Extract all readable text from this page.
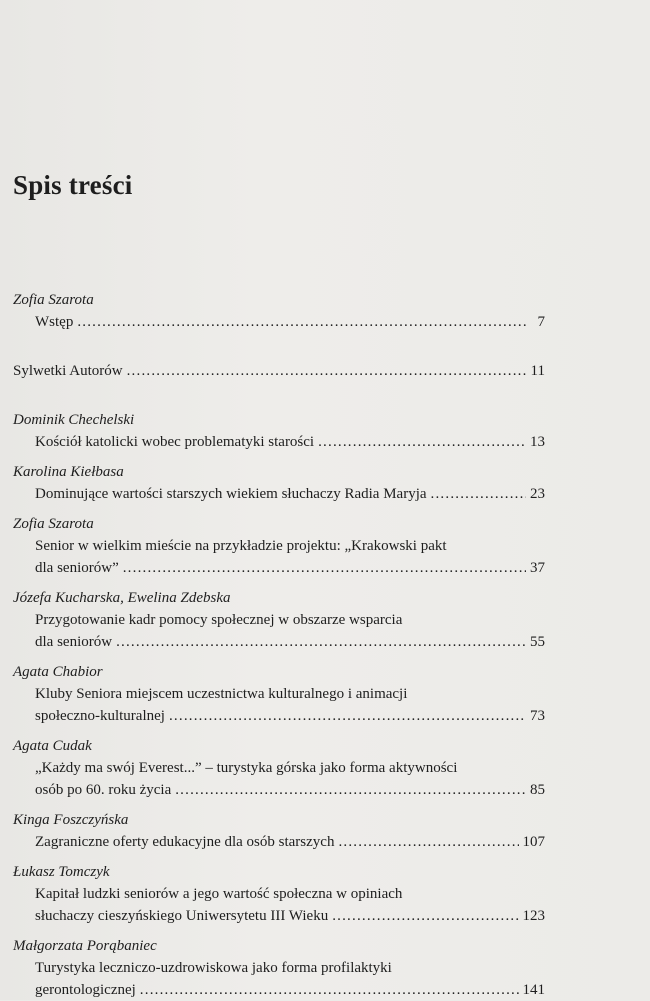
Spis treści
Zofia Szarota
Wstęp .....	7
Sylwetki Autorów .....	11
Dominik Chechelski
Kościół katolicki wobec problematyki starości .....	13
Karolina Kiełbasa
Dominujące wartości starszych wiekiem słuchaczy Radia Maryja .....	23
Zofia Szarota
Senior w wielkim mieście na przykładzie projektu: „Krakowski pakt
dla seniorów” .....	37
Józefa Kucharska, Ewelina Zdebska
Przygotowanie kadr pomocy społecznej w obszarze wsparcia
dla seniorów .....	55
Agata Chabior
Kluby Seniora miejscem uczestnictwa kulturalnego i animacji
społeczno-kulturalnej .....	73
Agata Cudak
„Każdy ma swój Everest...” – turystyka górska jako forma aktywności
osób po 60. roku życia .....	85
Kinga Foszczyńska
Zagraniczne oferty edukacyjne dla osób starszych .....	107
Łukasz Tomczyk
Kapitał ludzki seniorów a jego wartość społeczna w opiniach
słuchaczy cieszyńskiego Uniwersytetu III Wieku .....	123
Małgorzata Porąbaniec
Turystyka leczniczo-uzdrowiskowa jako forma profilaktyki
gerontologicznej .....	141
